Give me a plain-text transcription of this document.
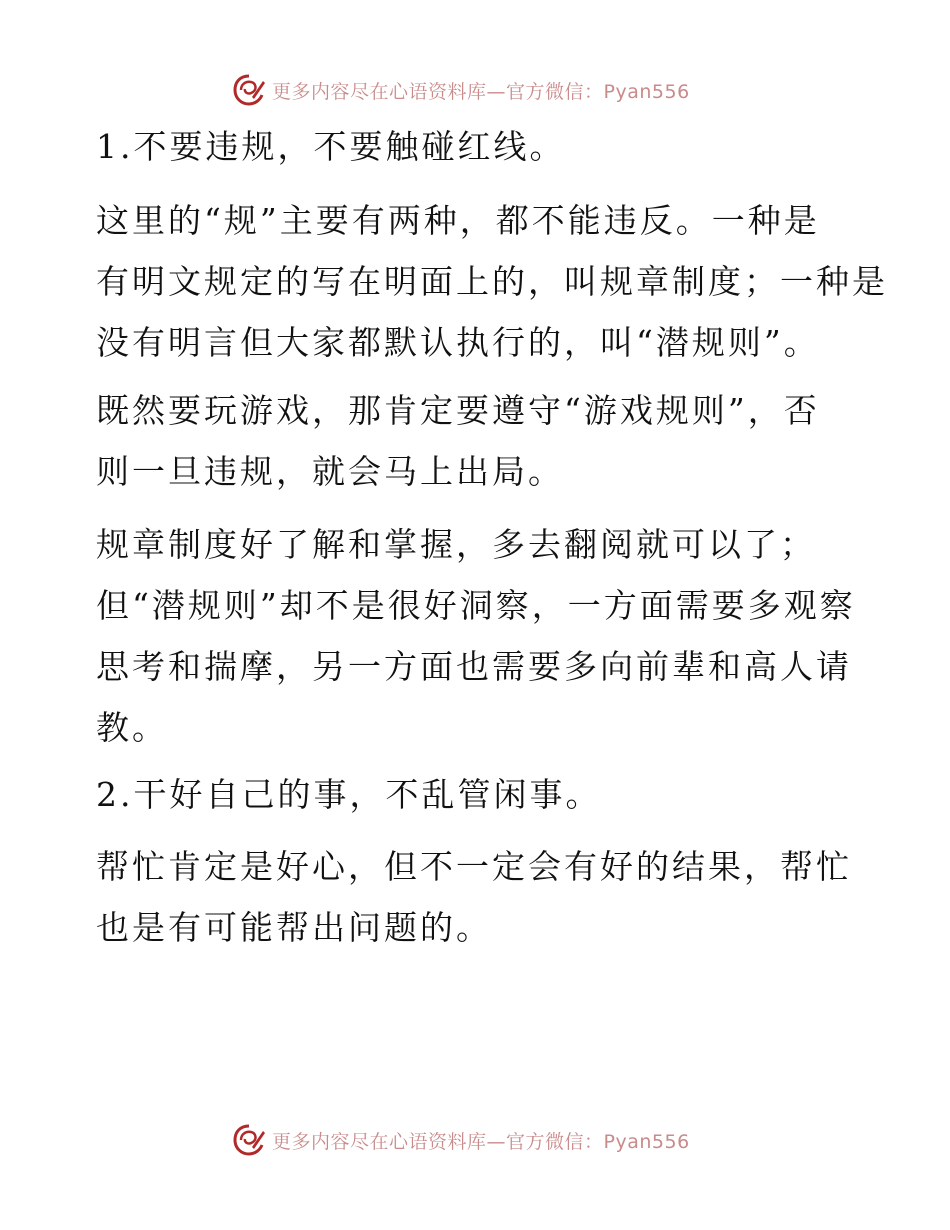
更多内容尽在心语资料库—官方微信：Pyan556
1.不要违规，不要触碰红线。
这里的“规”主要有两种，都不能违反。一种是
有明文规定的写在明面上的，叫规章制度；一种是
没有明言但大家都默认执行的，叫“潜规则”。
既然要玩游戏，那肯定要遵守“游戏规则”，否
则一旦违规，就会马上出局。
规章制度好了解和掌握，多去翻阅就可以了；
但“潜规则”却不是很好洞察，一方面需要多观察
思考和揣摩，另一方面也需要多向前辈和高人请
教。
2.干好自己的事，不乱管闲事。
帮忙肯定是好心，但不一定会有好的结果，帮忙
也是有可能帮出问题的。
更多内容尽在心语资料库—官方微信：Pyan556
